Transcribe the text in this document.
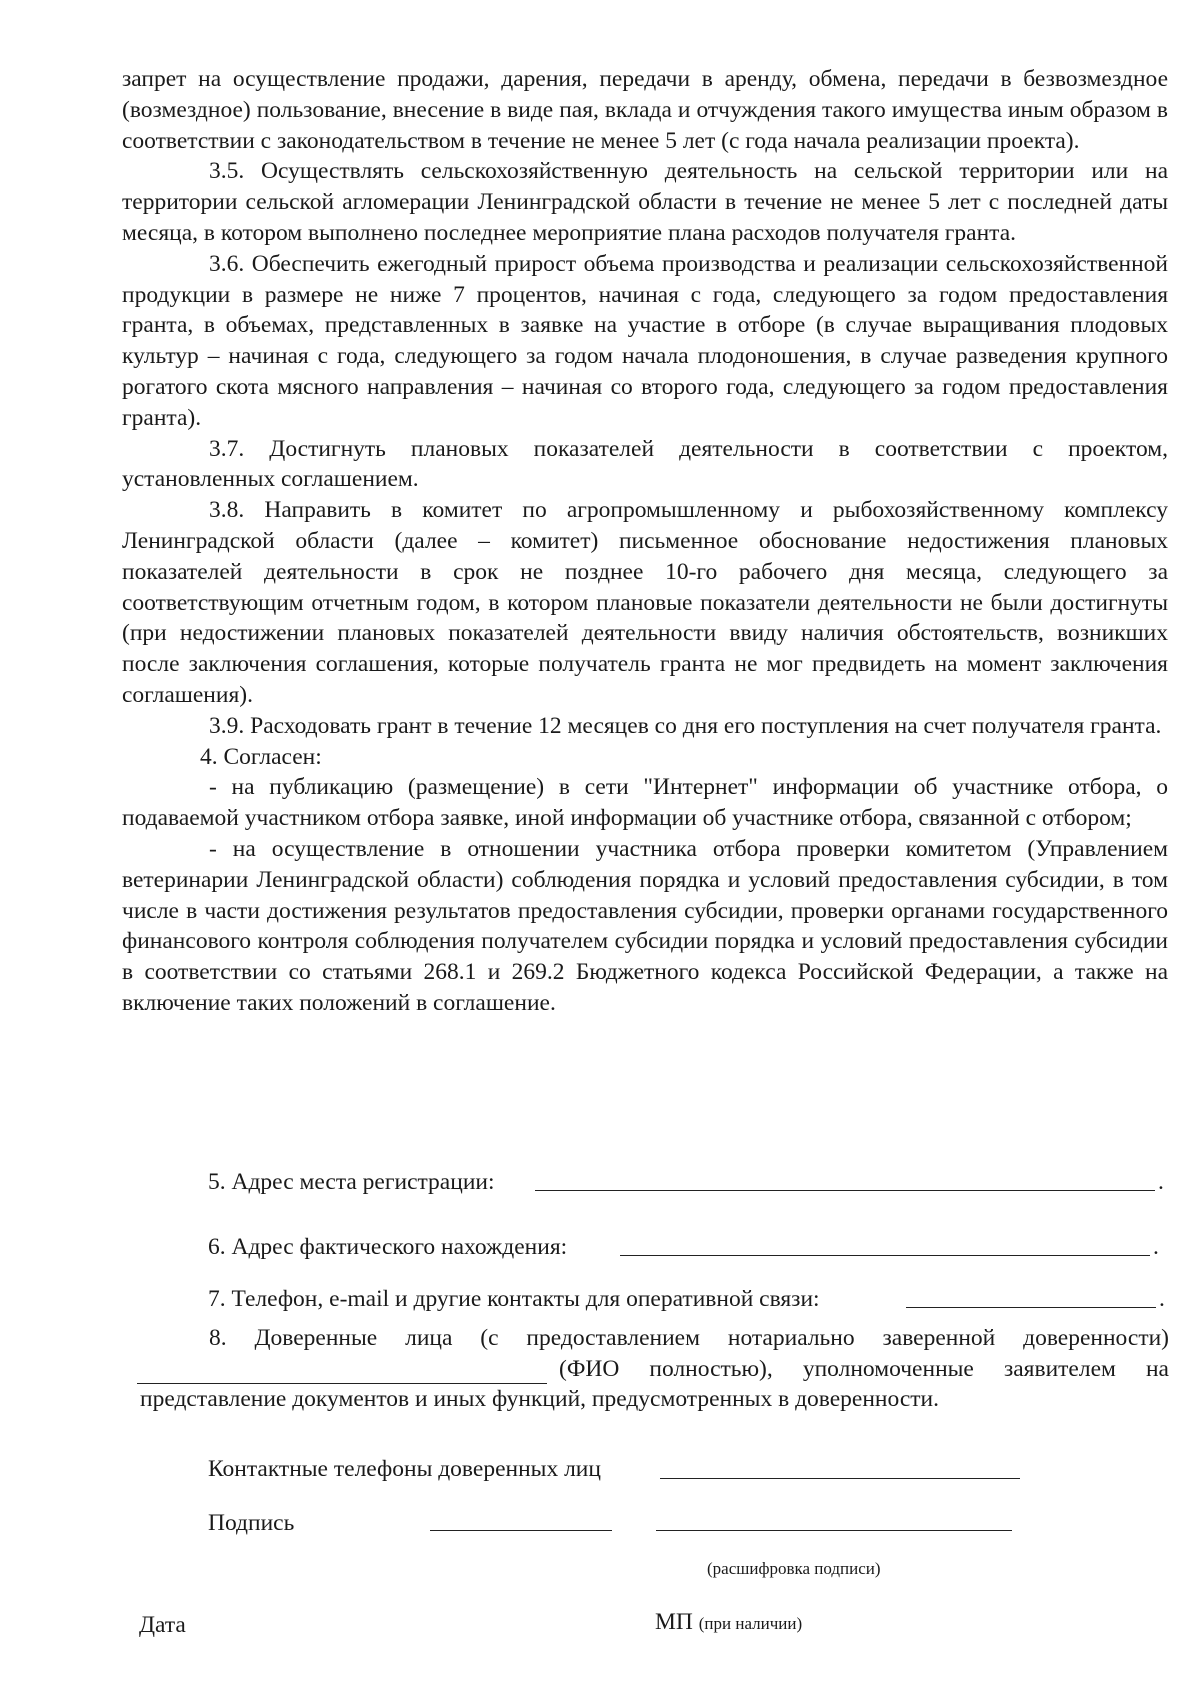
запрет на осуществление продажи, дарения, передачи в аренду, обмена, передачи в безвозмездное (возмездное) пользование, внесение в виде пая, вклада и отчуждения такого имущества иным образом в соответствии с законодательством в течение не менее 5 лет (с года начала реализации проекта).

3.5. Осуществлять сельскохозяйственную деятельность на сельской территории или на территории сельской агломерации Ленинградской области в течение не менее 5 лет с последней даты месяца, в котором выполнено последнее мероприятие плана расходов получателя гранта.

3.6. Обеспечить ежегодный прирост объема производства и реализации сельскохозяйственной продукции в размере не ниже 7 процентов, начиная с года, следующего за годом предоставления гранта, в объемах, представленных в заявке на участие в отборе (в случае выращивания плодовых культур – начиная с года, следующего за годом начала плодоношения, в случае разведения крупного рогатого скота мясного направления – начиная со второго года, следующего за годом предоставления гранта).

3.7. Достигнуть плановых показателей деятельности в соответствии с проектом, установленных соглашением.

3.8. Направить в комитет по агропромышленному и рыбохозяйственному комплексу Ленинградской области (далее – комитет) письменное обоснование недостижения плановых показателей деятельности в срок не позднее 10-го рабочего дня месяца, следующего за соответствующим отчетным годом, в котором плановые показатели деятельности не были достигнуты (при недостижении плановых показателей деятельности ввиду наличия обстоятельств, возникших после заключения соглашения, которые получатель гранта не мог предвидеть на момент заключения соглашения).

3.9. Расходовать грант в течение 12 месяцев со дня его поступления на счет получателя гранта.

4. Согласен:

- на публикацию (размещение) в сети "Интернет" информации об участнике отбора, о подаваемой участником отбора заявке, иной информации об участнике отбора, связанной с отбором;

- на осуществление в отношении участника отбора проверки комитетом (Управлением ветеринарии Ленинградской области) соблюдения порядка и условий предоставления субсидии, в том числе в части достижения результатов предоставления субсидии, проверки органами государственного финансового контроля соблюдения получателем субсидии порядка и условий предоставления субсидии в соответствии со статьями 268.1 и 269.2 Бюджетного кодекса Российской Федерации, а также на включение таких положений в соглашение.

5. Адрес места регистрации:	.
6. Адрес фактического нахождения:	.
7. Телефон, e-mail и другие контакты для оперативной связи:	.
8. Доверенные лица (с предоставлением нотариально заверенной доверенности)
(ФИО полностью), уполномоченные заявителем на
представление документов и иных функций, предусмотренных в доверенности.
Контактные телефоны доверенных лиц
Подпись
(расшифровка подписи)
Дата	МП (при наличии)
